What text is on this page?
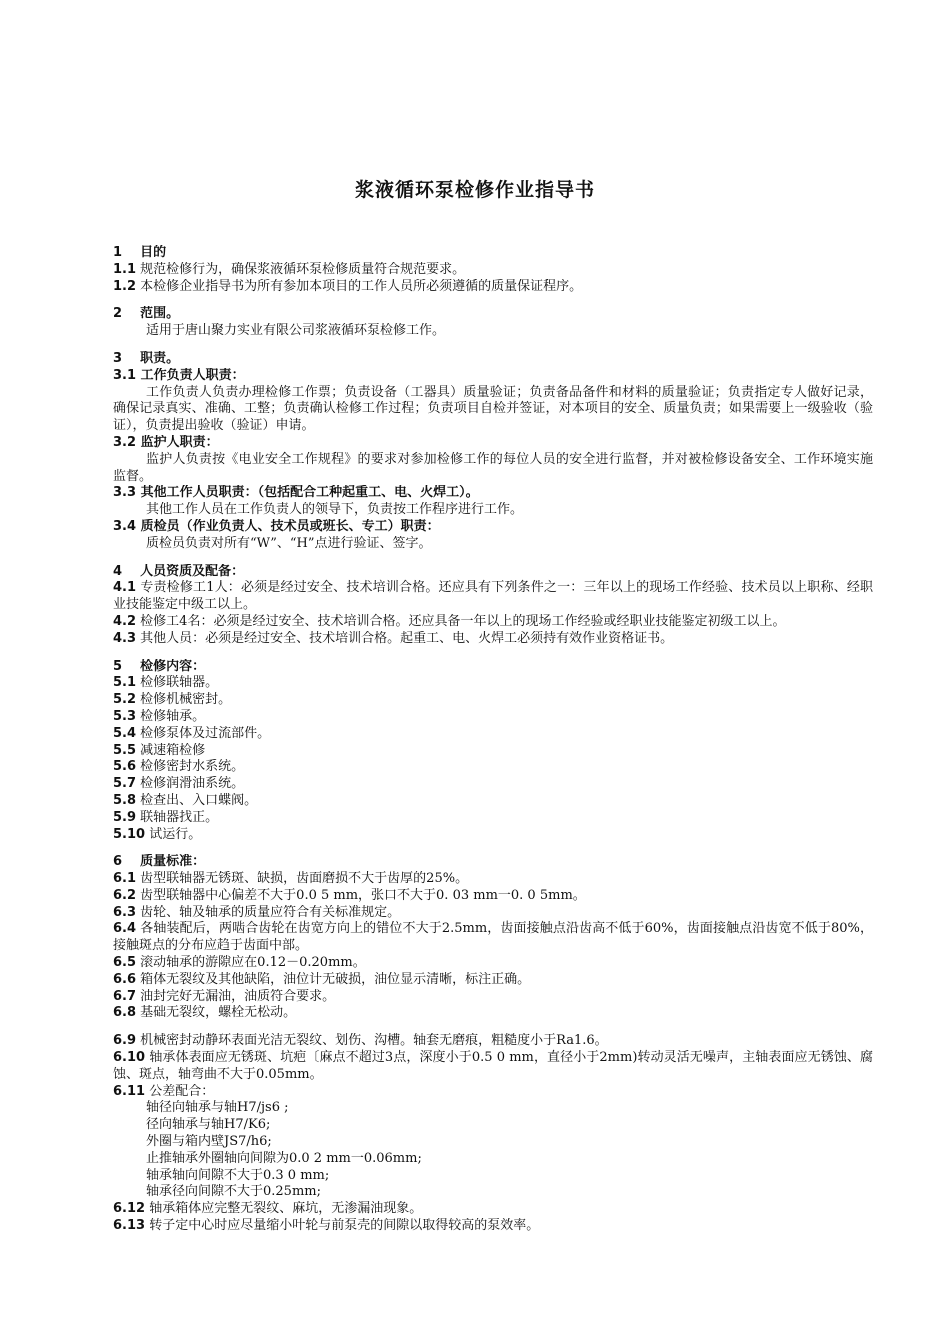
浆液循环泵检修作业指导书
1 目的
1.1 规范检修行为，确保浆液循环泵检修质量符合规范要求。
1.2 本检修企业指导书为所有参加本项目的工作人员所必须遵循的质量保证程序。
2 范围。
适用于唐山聚力实业有限公司浆液循环泵检修工作。
3 职责。
3.1 工作负责人职责：
工作负责人负责办理检修工作票；负责设备（工器具）质量验证；负责备品备件和材料的质量验证；负责指定专人做好记录，确保记录真实、准确、工整；负责确认检修工作过程；负责项目自检并签证，对本项目的安全、质量负责；如果需要上一级验收（验证），负责提出验收（验证）申请。
3.2 监护人职责：
监护人负责按《电业安全工作规程》的要求对参加检修工作的每位人员的安全进行监督，并对被检修设备安全、工作环境实施监督。
3.3 其他工作人员职责：（包括配合工种起重工、电、火焊工）。
其他工作人员在工作负责人的领导下，负责按工作程序进行工作。
3.4 质检员（作业负责人、技术员或班长、专工）职责：
质检员负责对所有“W”、“H”点进行验证、签字。
4 人员资质及配备：
4.1 专责检修工1人：必须是经过安全、技术培训合格。还应具有下列条件之一：三年以上的现场工作经验、技术员以上职称、经职业技能鉴定中级工以上。
4.2 检修工4名：必须是经过安全、技术培训合格。还应具备一年以上的现场工作经验或经职业技能鉴定初级工以上。
4.3 其他人员：必须是经过安全、技术培训合格。起重工、电、火焊工必须持有效作业资格证书。
5 检修内容：
5.1 检修联轴器。
5.2 检修机械密封。
5.3 检修轴承。
5.4 检修泵体及过流部件。
5.5 减速箱检修
5.6 检修密封水系统。
5.7 检修润滑油系统。
5.8 检查出、入口蝶阀。
5.9 联轴器找正。
5.10 试运行。
6 质量标准：
6.1 齿型联轴器无锈斑、缺损，齿面磨损不大于齿厚的25%。
6.2 齿型联轴器中心偏差不大于0.0 5 mm，张口不大于0. 03 mm一0. 0 5mm。
6.3 齿轮、轴及轴承的质量应符合有关标准规定。
6.4 各轴装配后，两啮合齿轮在齿宽方向上的错位不大于2.5mm，齿面接触点沿齿高不低于60%，齿面接触点沿齿宽不低于80%，接触斑点的分布应趋于齿面中部。
6.5 滚动轴承的游隙应在0.12－0.20mm。
6.6 箱体无裂纹及其他缺陷，油位计无破损，油位显示清晰，标注正确。
6.7 油封完好无漏油，油质符合要求。
6.8 基础无裂纹，螺栓无松动。
6.9 机械密封动静环表面光洁无裂纹、划伤、沟槽。轴套无磨痕，粗糙度小于Ra1.6。
6.10 轴承体表面应无锈斑、坑疤〔麻点不超过3点，深度小于0.5 0 mm，直径小于2mm)转动灵活无噪声，主轴表面应无锈蚀、腐蚀、斑点，轴弯曲不大于0.05mm。
6.11 公差配合：
轴径向轴承与轴H7/js6 ;
径向轴承与轴H7/K6;
外圈与箱内壁JS7/h6;
止推轴承外圈轴向间隙为0.0 2 mm一0.06mm;
轴承轴向间隙不大于0.3 0 mm;
轴承径向间隙不大于0.25mm;
6.12 轴承箱体应完整无裂纹、麻坑，无渗漏油现象。
6.13 转子定中心时应尽量缩小叶轮与前泵壳的间隙以取得较高的泵效率。
